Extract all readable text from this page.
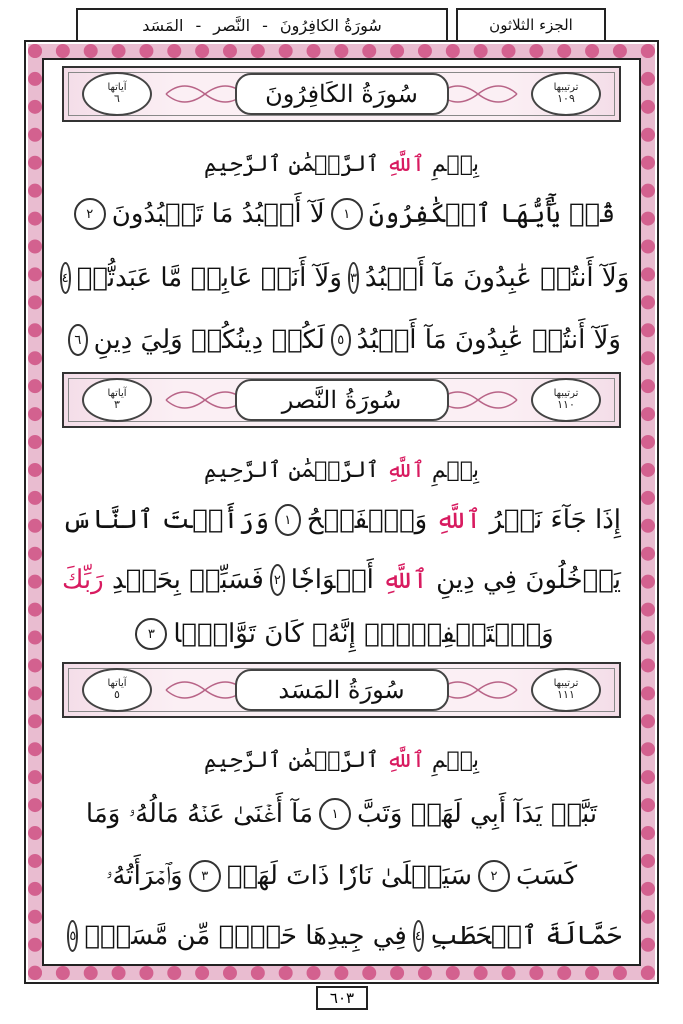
سُورَةُ الكافِرُونَ
-
النَّصر
-
المَسَد	الجزء الثلاثون
آياتها
٦	سُورَةُ الكَافِرُونَ	ترتيبها
١٠٩
بِسۡمِ

ٱللَّهِ

ٱلرَّحۡمَٰنِ ٱلرَّحِيمِ
قُلۡ يَٰٓأَيُّهَا ٱلۡكَٰفِرُونَ
١
لَآ أَعۡبُدُ مَا تَعۡبُدُونَ
٢
وَلَآ أَنتُمۡ عَٰبِدُونَ مَآ أَعۡبُدُ
٣
وَلَآ أَنَا۠ عَابِدٞ مَّا عَبَدتُّمۡ
٤
وَلَآ أَنتُمۡ عَٰبِدُونَ مَآ أَعۡبُدُ
٥
لَكُمۡ دِينُكُمۡ وَلِيَ دِينِ
٦
آياتها
٣	سُورَةُ النَّصر	ترتيبها
١١٠
بِسۡمِ

ٱللَّهِ

ٱلرَّحۡمَٰنِ ٱلرَّحِيمِ
إِذَا جَآءَ نَصۡرُ

ٱللَّهِ

وَٱلۡفَتۡحُ
١
وَرَأَيۡتَ ٱلنَّاسَ
يَدۡخُلُونَ فِي دِينِ

ٱللَّهِ

أَفۡوَاجٗا
٢
فَسَبِّحۡ بِحَمۡدِ

رَبِّكَ
وَٱسۡتَغۡفِرۡهُۚ إِنَّهُۥ كَانَ تَوَّابَۢا
٣
آياتها
٥	سُورَةُ المَسَد	ترتيبها
١١١
بِسۡمِ

ٱللَّهِ

ٱلرَّحۡمَٰنِ ٱلرَّحِيمِ
تَبَّتۡ يَدَآ أَبِي لَهَبٖ وَتَبَّ
١
مَآ أَغۡنَىٰ عَنۡهُ مَالُهُۥ وَمَا
كَسَبَ
٢
سَيَصۡلَىٰ نَارٗا ذَاتَ لَهَبٖ
٣
وَٱمۡرَأَتُهُۥ
حَمَّالَةَ ٱلۡحَطَبِ
٤
فِي جِيدِهَا حَبۡلٞ مِّن مَّسَدِۭ
٥
٦٠٣
